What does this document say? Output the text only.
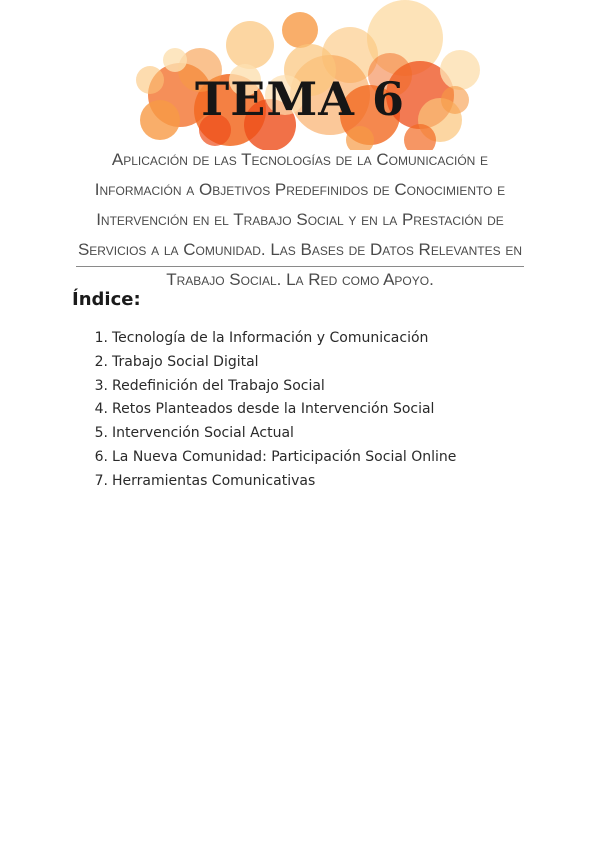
TEMA 6

Aplicación de las Tecnologías de la Comunicación e Información a Objetivos Predefinidos de Conocimiento e Intervención en el Trabajo Social y en la Prestación de Servicios a la Comunidad. Las Bases de Datos Relevantes en Trabajo Social. La Red como Apoyo.

Índice:
1. Tecnología de la Información y Comunicación
2. Trabajo Social Digital
3. Redefinición del Trabajo Social
4. Retos Planteados desde la Intervención Social
5. Intervención Social Actual
6. La Nueva Comunidad: Participación Social Online
7. Herramientas Comunicativas
